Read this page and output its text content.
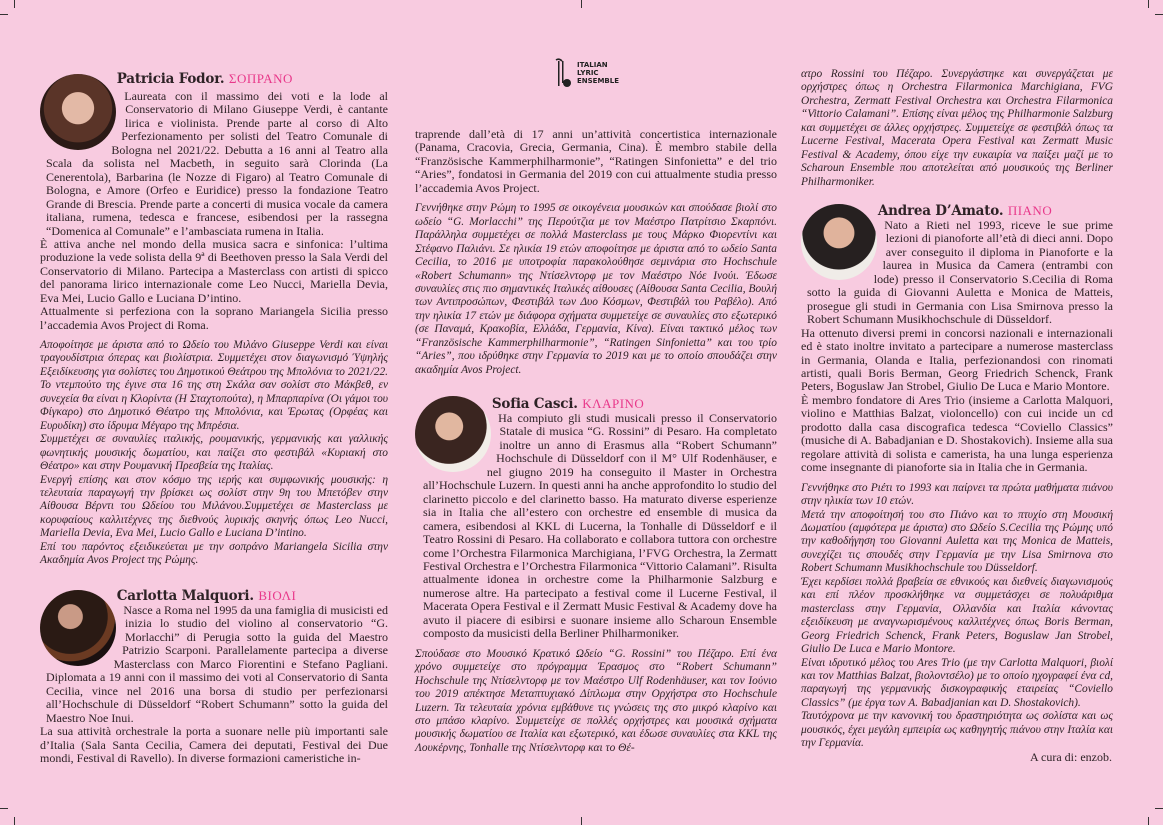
ITALIAN
LYRIC
ENSEMBLE
Patricia Fodor. ΣΟΠΡΑΝΟ

Laureata con il massimo dei voti e la lode al Conservatorio di Milano Giuseppe Verdi, è cantante lirica e violinista. Prende parte al corso di Alto Perfezionamento per solisti del Teatro Comunale di Bologna nel 2021/22. Debutta a 16 anni al Teatro alla Scala da solista nel Macbeth, in seguito sarà Clorinda (La Cenerentola), Barbarina (le Nozze di Figaro) al Teatro Comunale di Bologna, e Amore (Orfeo e Euridice) presso la fondazione Teatro Grande di Brescia. Prende parte a concerti di musica vocale da camera italiana, rumena, tedesca e francese, esibendosi per la rassegna “Domenica al Comunale” e l’ambasciata rumena in Italia.

È attiva anche nel mondo della musica sacra e sinfonica: l’ultima produzione la vede solista della 9ª di Beethoven presso la Sala Verdi del Conservatorio di Milano. Partecipa a Masterclass con artisti di spicco del panorama lirico internazionale come Leo Nucci, Mariella Devia, Eva Mei, Lucio Gallo e Luciana D’intino.

Attualmente si perfeziona con la soprano Mariangela Sicilia presso l’accademia Avos Project di Roma.

Αποφοίτησε με άριστα από το Ωδείο του Μιλάνο Giuseppe Verdi και είναι τραγουδίστρια όπερας και βιολίστρια. Συμμετέχει στον διαγωνισμό Ύψηλής Εξειδίκευσης για σολίστες του Δημοτικού Θεάτρου της Μπολόνια το 2021/22. Το ντεμπούτο της έγινε στα 16 της στη Σκάλα σαν σολίστ στο Μάκβεθ, εν συνεχεία θα είναι η Κλορίντα (Η Σταχτοπούτα), η Μπαρπαρίνα (Οι γάμοι του Φίγκαρο) στο Δημοτικό Θέατρο της Μπολόνια, και Έρωτας (Ορφέας και Ευρυδίκη) στο ίδρυμα Μέγαρο της Μπρέσια.

Συμμετέχει σε συναυλίες ιταλικής, ρουμανικής, γερμανικής και γαλλικής φωνητικής μουσικής δωματίου, και παίζει στο φεστιβάλ «Κυριακή στο Θέατρο» και στην Ρουμανική Πρεσβεία της Ιταλίας.

Ενεργή επίσης και στον κόσμο της ιερής και συμφωνικής μουσικής: η τελευταία παραγωγή την βρίσκει ως σολίστ στην 9η του Μπετόβεν στην Αίθουσα Βέρντι του Ωδείου του Μιλάνου.Συμμετέχει σε Masterclass με κορυφαίους καλλιτέχνες της διεθνούς λυρικής σκηνής όπως Leo Nucci, Mariella Devia, Eva Mei, Lucio Gallo e Luciana D’intino.

Επί του παρόντος εξειδικεύεται με την σοπράνο Mariangela Sicilia στην Ακαδημία Avos Project της Ρώμης.

Carlotta Malquori. ΒΙΟΛΙ

Nasce a Roma nel 1995 da una famiglia di musicisti ed inizia lo studio del violino al conservatorio “G. Morlacchi” di Perugia sotto la guida del Maestro Patrizio Scarponi. Parallelamente partecipa a diverse Masterclass con Marco Fiorentini e Stefano Pagliani. Diplomata a 19 anni con il massimo dei voti al Conservatorio di Santa Cecilia, vince nel 2016 una borsa di studio per perfezionarsi all’Hochschule di Düsseldorf “Robert Schumann” sotto la guida del Maestro Noe Inui.

La sua attività orchestrale la porta a suonare nelle più importanti sale d’Italia (Sala Santa Cecilia, Camera dei deputati, Festival dei Due mondi, Festival di Ravello). In diverse formazioni cameristiche in-

traprende dall’età di 17 anni un’attività concertistica internazionale (Panama, Cracovia, Grecia, Germania, Cina). È membro stabile della “Französische Kammerphilharmonie”, “Ratingen Sinfonietta” e del trio “Aries”, fondatosi in Germania del 2019 con cui attualmente studia presso l’accademia Avos Project.

Γεννήθηκε στην Ρώμη το 1995 σε οικογένεια μουσικών και σπούδασε βιολί στο ωδείο “G. Morlacchi” της Περούτζια με τον Μαέστρο Πατρίτσιο Σκαρπόνι. Παράλληλα συμμετέχει σε πολλά Masterclass με τους Μάρκο Φιορεντίνι και Στέφανο Παλιάνι. Σε ηλικία 19 ετών αποφοίτησε με άριστα από το ωδείο Santa Cecilia, το 2016 με υποτροφία παρακολούθησε σεμινάρια στο Hochschule «Robert Schumann» της Ντίσελντορφ με τον Μαέστρο Νόε Ινούι. Έδωσε συναυλίες στις πιο σημαντικές Ιταλικές αίθουσες (Αίθουσα Santa Cecilia, Βουλή των Αντιπροσώπων, Φεστιβάλ των Δυο Κόσμων, Φεστιβάλ του Ραβέλο). Από την ηλικία 17 ετών με διάφορα σχήματα συμμετείχε σε συναυλίες στο εξωτερικό (σε Παναμά, Κρακοβία, Ελλάδα, Γερμανία, Κίνα). Είναι τακτικό μέλος των “Französische Kammerphilharmonie”, “Ratingen Sinfonietta” και του τρίο “Aries”, που ιδρύθηκε στην Γερμανία το 2019 και με το οποίο σπουδάζει στην ακαδημία Avos Project.

Sofia Casci. ΚΛΑΡΙΝΟ

Ha compiuto gli studi musicali presso il Conservatorio Statale di musica “G. Rossini” di Pesaro. Ha completato inoltre un anno di Erasmus alla “Robert Schumann” Hochschule di Düsseldorf con il M° Ulf Rodenhäuser, e nel giugno 2019 ha conseguito il Master in Orchestra all’Hochschule Luzern. In questi anni ha anche approfondito lo studio del clarinetto piccolo e del clarinetto basso. Ha maturato diverse esperienze sia in Italia che all’estero con orchestre ed ensemble di musica da camera, esibendosi al KKL di Lucerna, la Tonhalle di Düsseldorf e il Teatro Rossini di Pesaro. Ha collaborato e collabora tuttora con orchestre come l’Orchestra Filarmonica Marchigiana, l’FVG Orchestra, la Zermatt Festival Orchestra e l’Orchestra Filarmonica “Vittorio Calamani”. Risulta attualmente idonea in orchestre come la Philharmonie Salzburg e numerose altre. Ha partecipato a festival come il Lucerne Festival, il Macerata Opera Festival e il Zermatt Music Festival & Academy dove ha avuto il piacere di esibirsi e suonare insieme allo Scharoun Ensemble composto da musicisti della Berliner Philharmoniker.

Σπούδασε στο Μουσικό Κρατικό Ωδείο “G. Rossini” του Πέζαρο. Επί ένα χρόνο συμμετείχε στο πρόγραμμα Έρασμος στο “Robert Schumann” Hochschule της Ντίσελντορφ με τον Μαέστρο Ulf Rodenhäuser, και τον Ιούνιο του 2019 απέκτησε Μεταπτυχιακό Δίπλωμα στην Ορχήστρα στο Hochschule Luzern. Τα τελευταία χρόνια εμβάθυνε τις γνώσεις της στο μικρό κλαρίνο και στο μπάσο κλαρίνο. Συμμετείχε σε πολλές ορχήστρες και μουσικά σχήματα μουσικής δωματίου σε Ιταλία και εξωτερικό, και έδωσε συναυλίες στα KKL της Λουκέρνης, Tonhalle της Ντίσελντορφ και το Θέ-

ατρο Rossini του Πέζαρο. Συνεργάστηκε και συνεργάζεται με ορχήστρες όπως η Orchestra Filarmonica Marchigiana, FVG Orchestra, Zermatt Festival Orchestra και Orchestra Filarmonica “Vittorio Calamani”. Επίσης είναι μέλος της Philharmonie Salzburg και συμμετέχει σε άλλες ορχήστρες. Συμμετείχε σε φεστιβάλ όπως τα Lucerne Festival, Macerata Opera Festival και Zermatt Music Festival & Academy, όπου είχε την ευκαιρία να παίξει μαζί με το Scharoun Ensemble που αποτελείται από μουσικούς της Berliner Philharmoniker.

Andrea D’Amato. ΠΙΑΝΟ

Nato a Rieti nel 1993, riceve le sue prime lezioni di pianoforte all’età di dieci anni. Dopo aver conseguito il diploma in Pianoforte e la laurea in Musica da Camera (entrambi con lode) presso il Conservatorio S.Cecilia di Roma sotto la guida di Giovanni Auletta e Monica de Matteis, prosegue gli studi in Germania con Lisa Smirnova presso la Robert Schumann Musikhochschule di Düsseldorf.

Ha ottenuto diversi premi in concorsi nazionali e internazionali ed è stato inoltre invitato a partecipare a numerose masterclass in Germania, Olanda e Italia, perfezionandosi con rinomati artisti, quali Boris Berman, Georg Friedrich Schenck, Frank Peters, Boguslaw Jan Strobel, Giulio De Luca e Mario Montore.

È membro fondatore di Ares Trio (insieme a Carlotta Malquori, violino e Matthias Balzat, violoncello) con cui incide un cd prodotto dalla casa discografica tedesca “Coviello Classics” (musiche di A. Babadjanian e D. Shostakovich). Insieme alla sua regolare attività di solista e camerista, ha una lunga esperienza come insegnante di pianoforte sia in Italia che in Germania.

Γεννήθηκε στο Ριέτι το 1993 και παίρνει τα πρώτα μαθήματα πιάνου στην ηλικία των 10 ετών.

Μετά την αποφοίτησή του στο Πιάνο και το πτυχίο στη Μουσική Δωματίου (αμφότερα με άριστα) στο Ωδείο S.Cecilia της Ρώμης υπό την καθοδήγηση του Giovanni Auletta και της Monica de Matteis, συνεχίζει τις σπουδές στην Γερμανία με την Lisa Smirnova στο Robert Schumann Musikhochschule του Düsseldorf.

Έχει κερδίσει πολλά βραβεία σε εθνικούς και διεθνείς διαγωνισμούς και επί πλέον προσκλήθηκε να συμμετάσχει σε πολυάριθμα masterclass στην Γερμανία, Ολλανδία και Ιταλία κάνοντας εξειδίκευση με αναγνωρισμένους καλλιτέχνες όπως Boris Berman, Georg Friedrich Schenck, Frank Peters, Boguslaw Jan Strobel, Giulio De Luca e Mario Montore.

Είναι ιδρυτικό μέλος του Ares Trio (με την Carlotta Malquori, βιολί και τον Matthias Balzat, βιολοντσέλο) με το οποίο ηχογραφεί ένα cd, παραγωγή της γερμανικής δισκογραφικής εταιρείας “Coviello Classics” (με έργα των A. Babadjanian και D. Shostakovich).

Ταυτόχρονα με την κανονική του δραστηριότητα ως σολίστα και ως μουσικός, έχει μεγάλη εμπειρία ως καθηγητής πιάνου στην Ιταλία και την Γερμανία.

A cura di: enzob.
